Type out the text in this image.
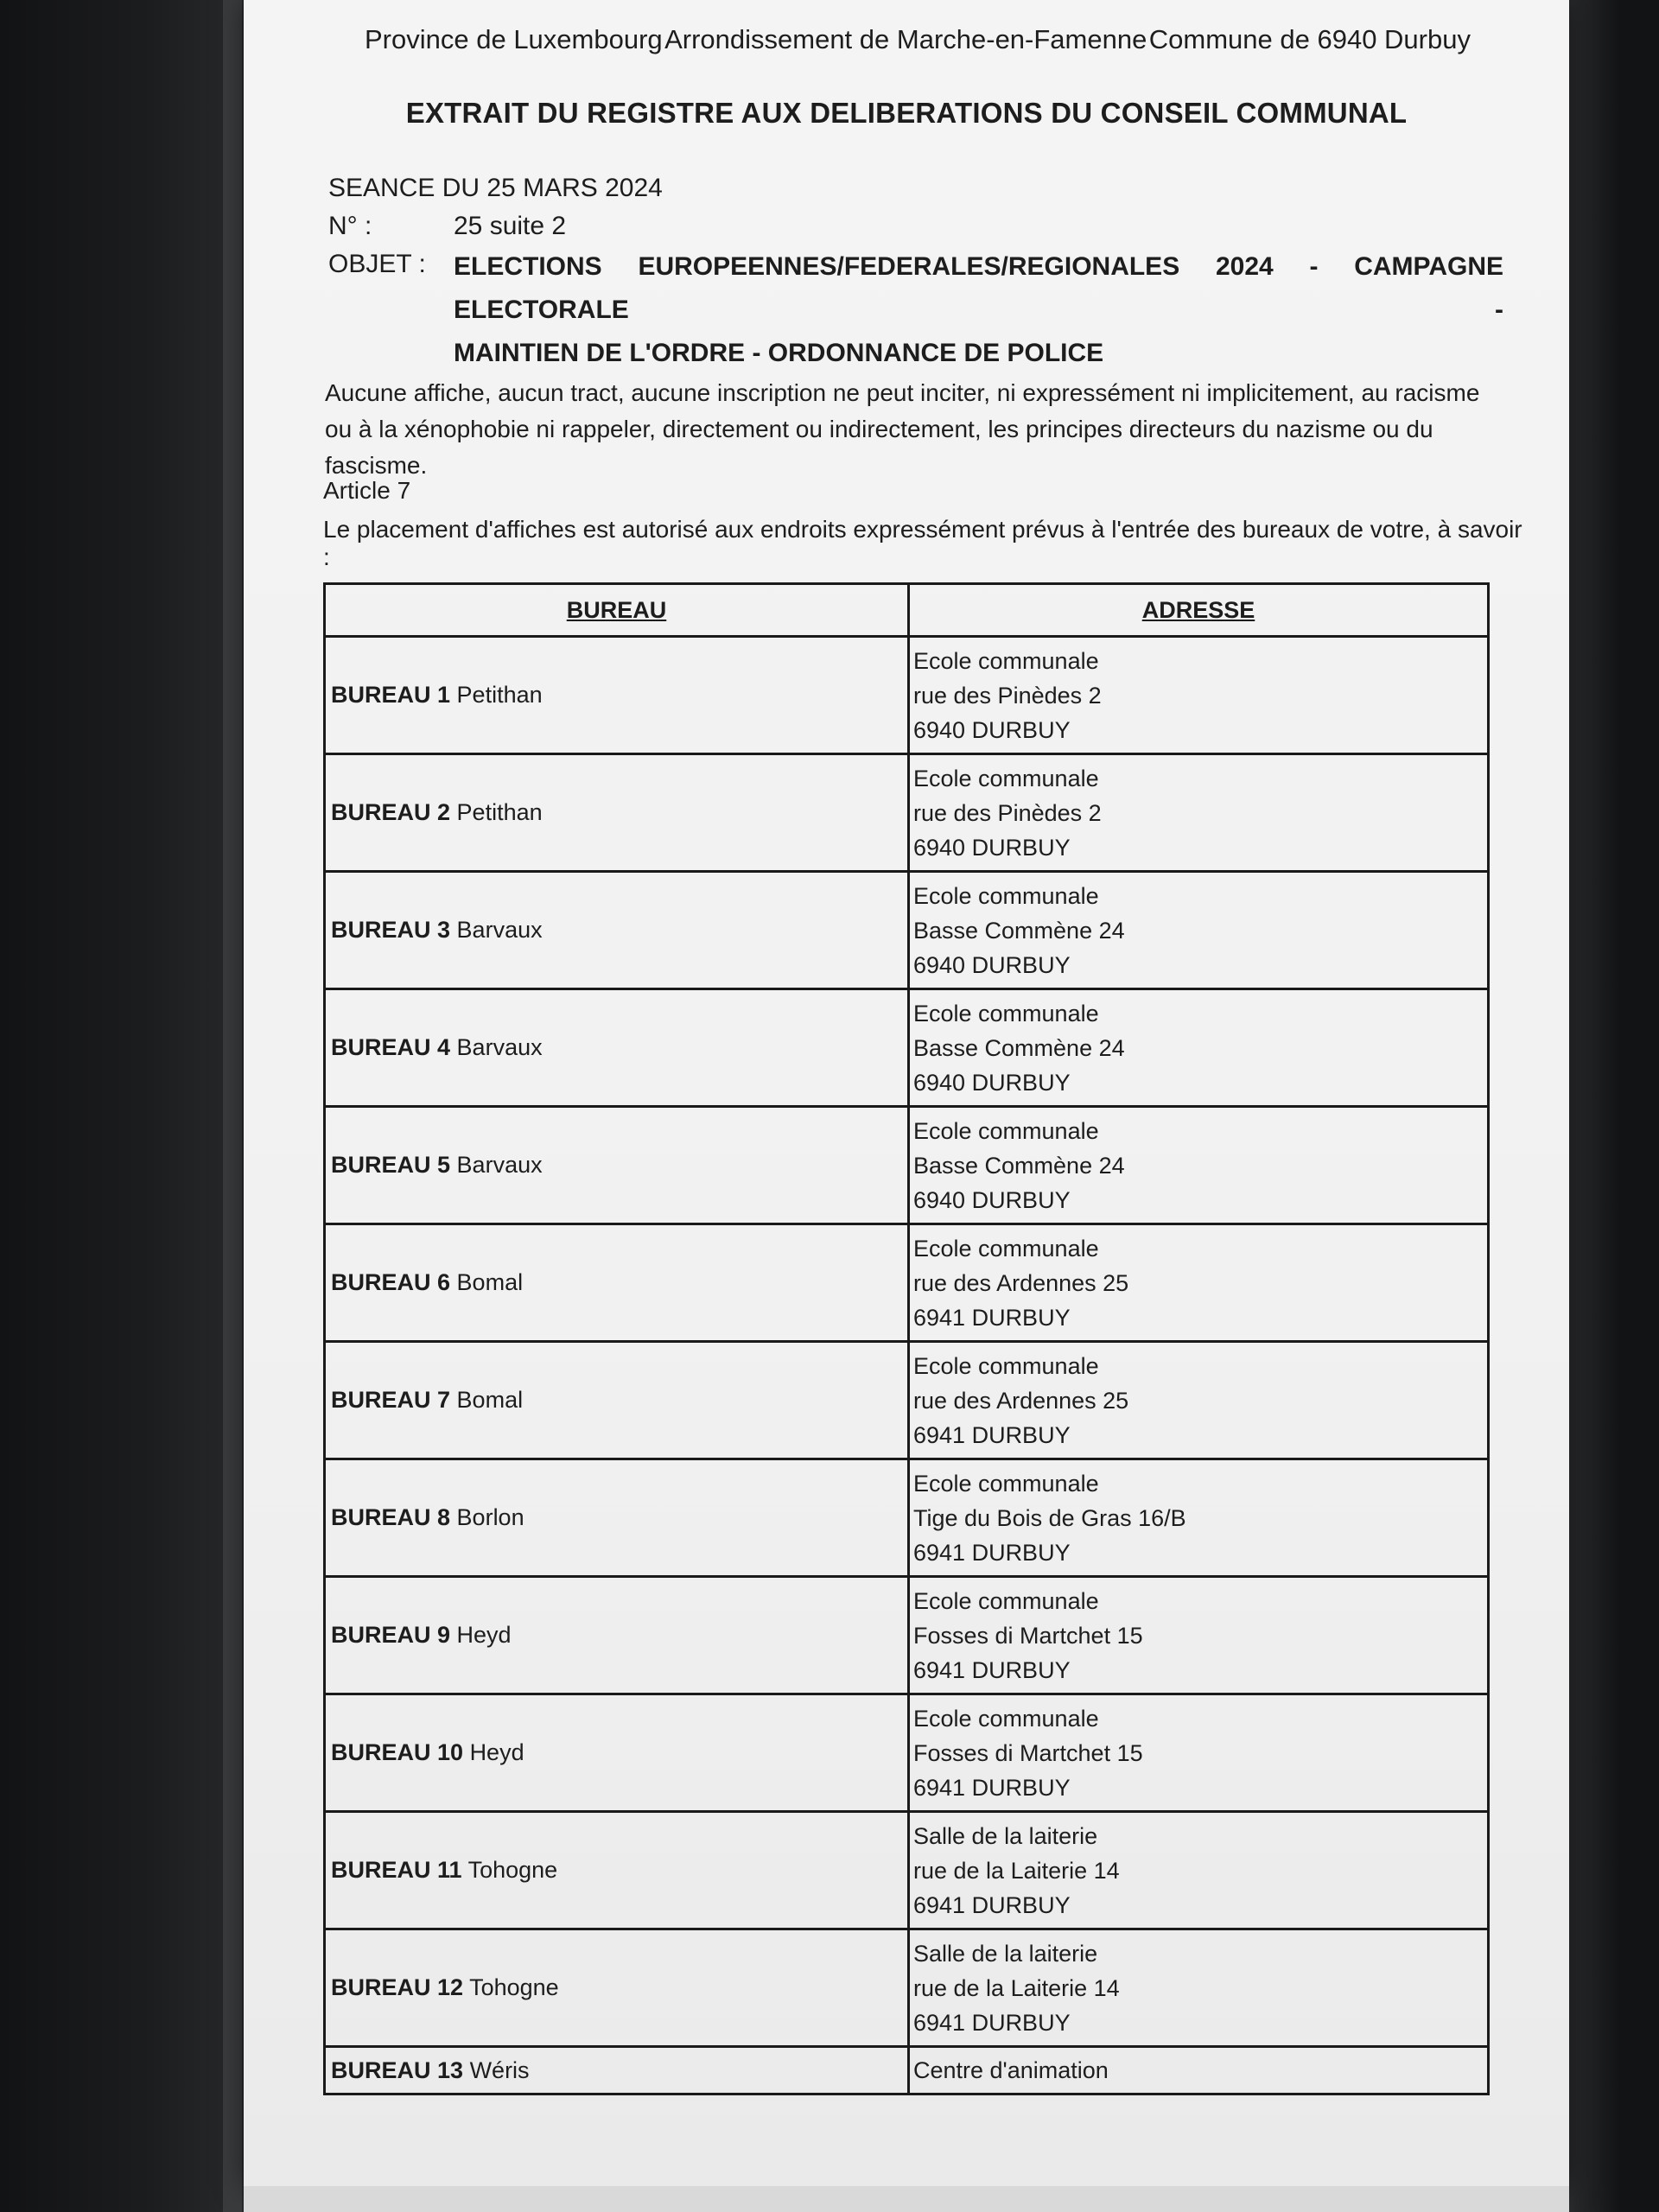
Province de Luxembourg Arrondissement de Marche-en-Famenne Commune de 6940 Durbuy
EXTRAIT DU REGISTRE AUX DELIBERATIONS DU CONSEIL COMMUNAL
SEANCE DU 25 MARS 2024
N° :	25 suite 2
OBJET :	ELECTIONS EUROPEENNES/FEDERALES/REGIONALES 2024 - CAMPAGNE ELECTORALE -
MAINTIEN DE L'ORDRE - ORDONNANCE DE POLICE
Aucune affiche, aucun tract, aucune inscription ne peut inciter, ni expressément ni implicitement, au racisme ou à la xénophobie ni rappeler, directement ou indirectement, les principes directeurs du nazisme ou du fascisme.
Article 7
Le placement d'affiches est autorisé aux endroits expressément prévus à l'entrée des bureaux de votre, à savoir :
BUREAU	ADRESSE
BUREAU 1 Petithan	Ecole communale
rue des Pinèdes 2
6940 DURBUY

BUREAU 2 Petithan	Ecole communale
rue des Pinèdes 2
6940 DURBUY

BUREAU 3 Barvaux	Ecole communale
Basse Commène 24
6940 DURBUY

BUREAU 4 Barvaux	Ecole communale
Basse Commène 24
6940 DURBUY

BUREAU 5 Barvaux	Ecole communale
Basse Commène 24
6940 DURBUY

BUREAU 6 Bomal	Ecole communale
rue des Ardennes 25
6941 DURBUY

BUREAU 7 Bomal	Ecole communale
rue des Ardennes 25
6941 DURBUY

BUREAU 8 Borlon	Ecole communale
Tige du Bois de Gras 16/B
6941 DURBUY

BUREAU 9 Heyd	Ecole communale
Fosses di Martchet 15
6941 DURBUY

BUREAU 10 Heyd	Ecole communale
Fosses di Martchet 15
6941 DURBUY

BUREAU 11 Tohogne	Salle de la laiterie
rue de la Laiterie 14
6941 DURBUY

BUREAU 12 Tohogne	Salle de la laiterie
rue de la Laiterie 14
6941 DURBUY

BUREAU 13 Wéris	Centre d'animation
